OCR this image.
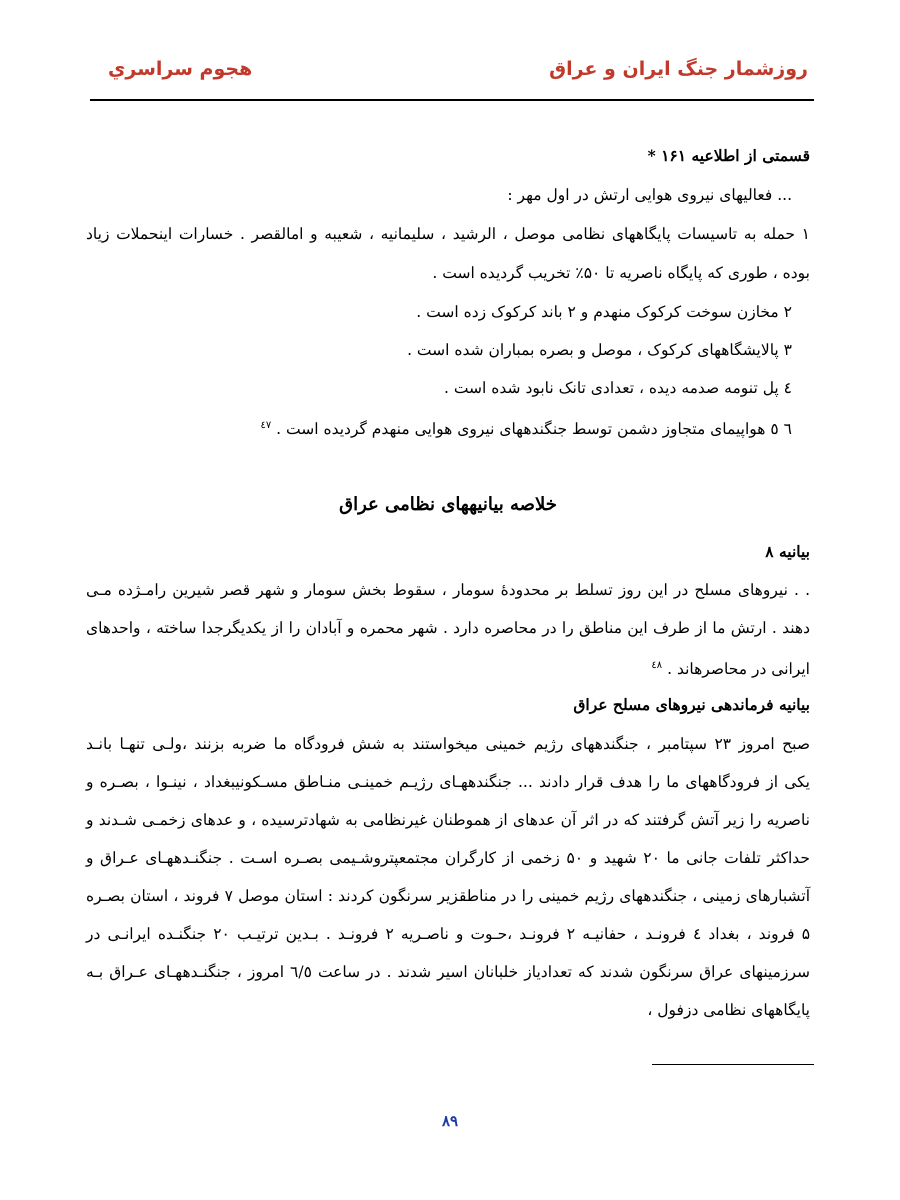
روزشمار جنگ ایران و عراق
هجوم سراسري
قسمتی از اطلاعیه ۱۶۱ *
... فعالیهای نیروی هوایی ارتش در اول مهر :
۱ حمله به تاسیسات پایگاههای نظامی موصل ، الرشید ، سلیمانیه ، شعیبه و امالقصر . خسارات اینحملات زیاد
بوده ، طوری که پایگاه ناصریه تا ۵۰٪ تخریب گردیده است .
۲ مخازن سوخت کرکوک منهدم و ۲ باند کرکوک زده است .
۳ پالایشگاههای کرکوک ، موصل و بصره بمباران شده است .
٤ پل تنومه صدمه دیده ، تعدادی تانک نابود شده است .
٦ ٥ هواپیمای متجاوز دشمن توسط جنگندههای نیروی هوایی منهدم گردیده است . $^{٤٧}$
خلاصه بیانیههای نظامی عراق
بیانیه ۸
. . نیروهای مسلح در این روز تسلط بر محدودهٔ سومار ، سقوط بخش سومار و شهر قصر شیرین رامـژده مـی
دهند . ارتش ما از طرف این مناطق را در محاصره دارد . شهر محمره و آبادان را از یکدیگرجدا ساخته ، واحدهای
ایرانی در محاصرهاند . $^{٤٨}$
بیانیه فرماندهی نیروهای مسلح عراق
صبح امروز ۲۳ سپتامبر ، جنگندههای رژیم خمینی میخواستند به شش فرودگاه ما ضربه بزنند ،ولـی تنهـا بانـد
یکی از فرودگاههای ما را هدف قرار دادند ... جنگندههـای رژیـم خمینـی منـاطق مسـکونیبغداد ، نینـوا ، بصـره و
ناصریه را زیر آتش گرفتند که در اثر آن عدهای از هموطنان غیرنظامی به شهادترسیده ، و عدهای زخمـی شـدند و
حداکثر تلفات جانی ما ۲۰ شهید و ۵۰ زخمی از کارگران مجتمعپتروشـیمی بصـره اسـت . جنگنـدههـای عـراق و
آتشبارهای زمینی ، جنگندههای رژیم خمینی را در مناطقزیر سرنگون کردند : استان موصل ۷ فروند ، استان بصـره
۵ فروند ، بغداد ٤ فرونـد ، حفانیـه ۲ فرونـد ،حـوت و ناصـریه ۲ فرونـد . بـدین ترتیـب ۲۰ جنگنـده ایرانـی در
سرزمینهای عراق سرنگون شدند که تعدادیاز خلبانان اسیر شدند . در ساعت ٦/٥ امروز ، جنگنـدههـای عـراق بـه
پایگاههای نظامی دزفول ،
۸۹
